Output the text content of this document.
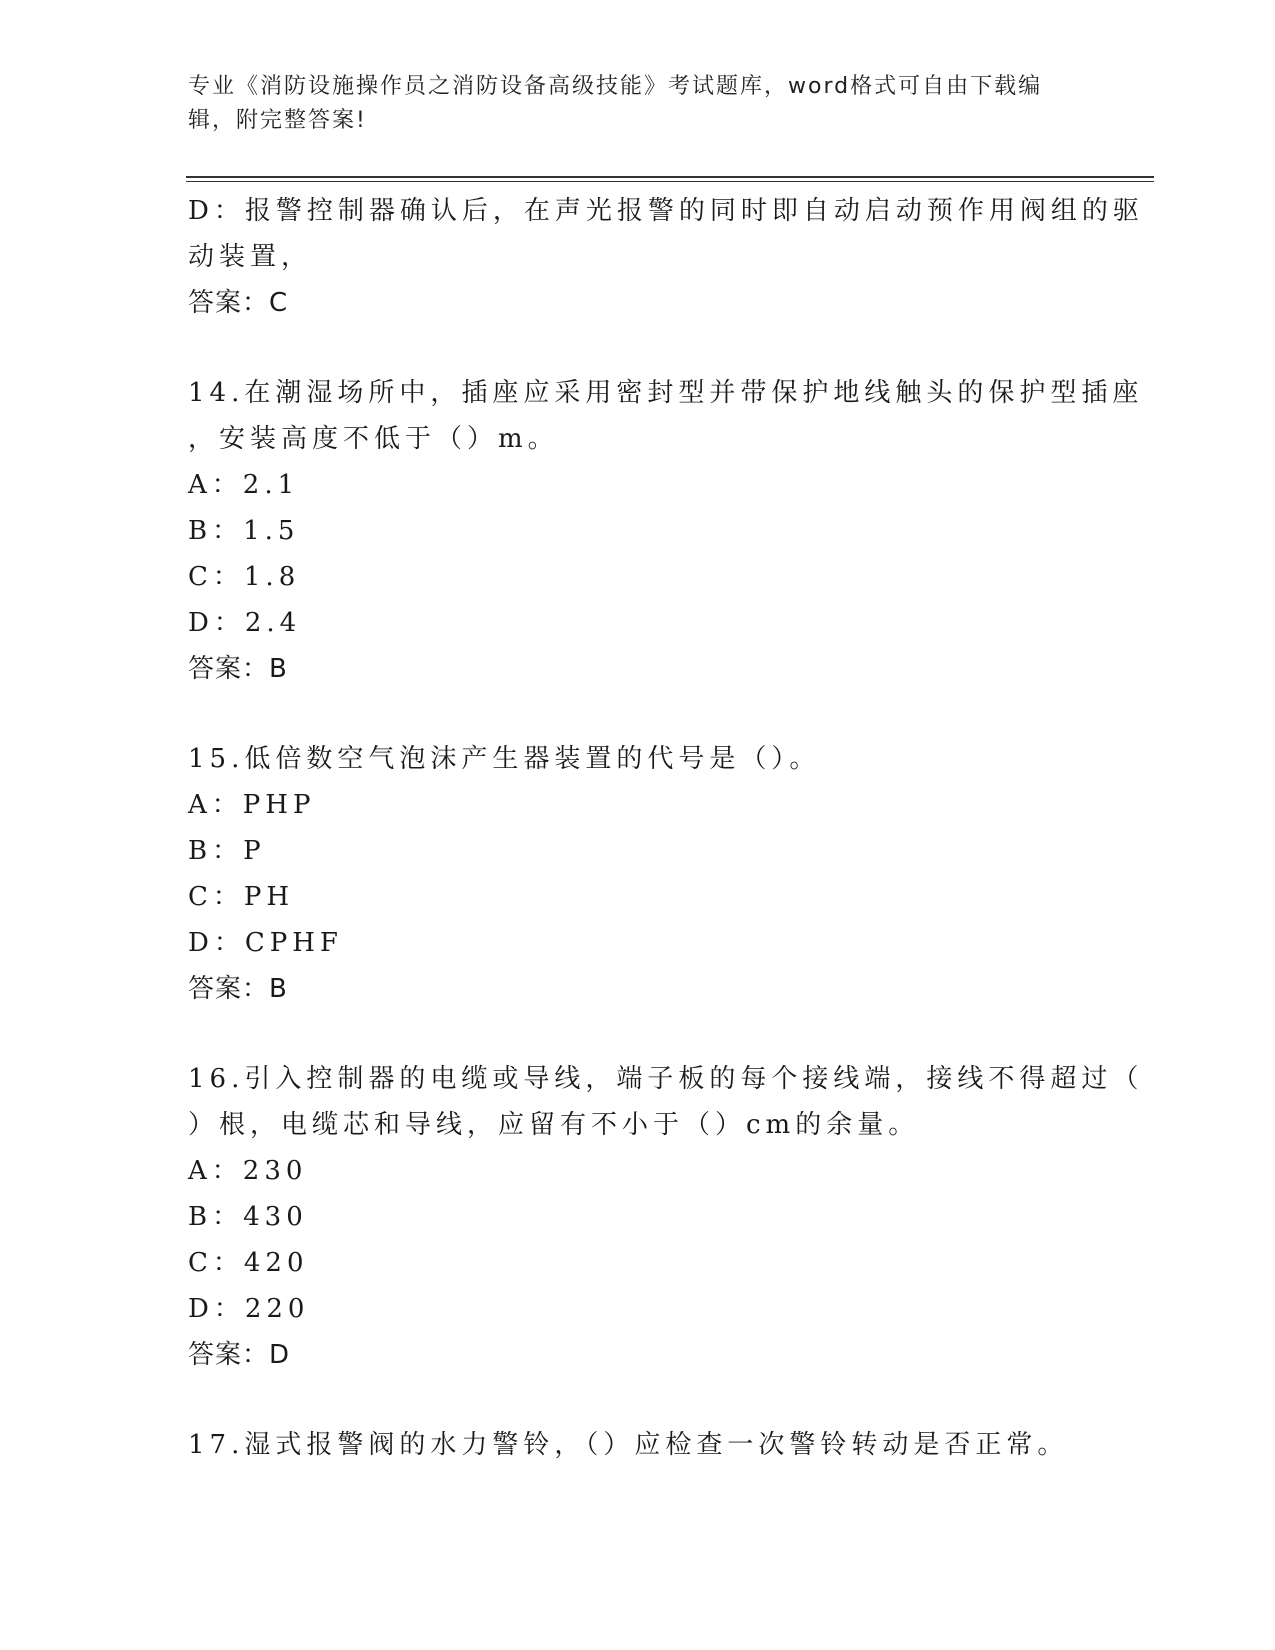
专业《消防设施操作员之消防设备高级技能》考试题库，word格式可自由下载编
辑，附完整答案!
D：报警控制器确认后，在声光报警的同时即自动启动预作用阀组的驱
动装置，
答案：C
14.在潮湿场所中，插座应采用密封型并带保护地线触头的保护型插座
，安装高度不低于（）m。
A：2.1
B：1.5
C：1.8
D：2.4
答案：B
15.低倍数空气泡沫产生器装置的代号是（）。
A：PHP
B：P
C：PH
D：CPHF
答案：B
16.引入控制器的电缆或导线，端子板的每个接线端，接线不得超过（
）根，电缆芯和导线，应留有不小于（）cm的余量。
A：230
B：430
C：420
D：220
答案：D
17.湿式报警阀的水力警铃，（）应检查一次警铃转动是否正常。
